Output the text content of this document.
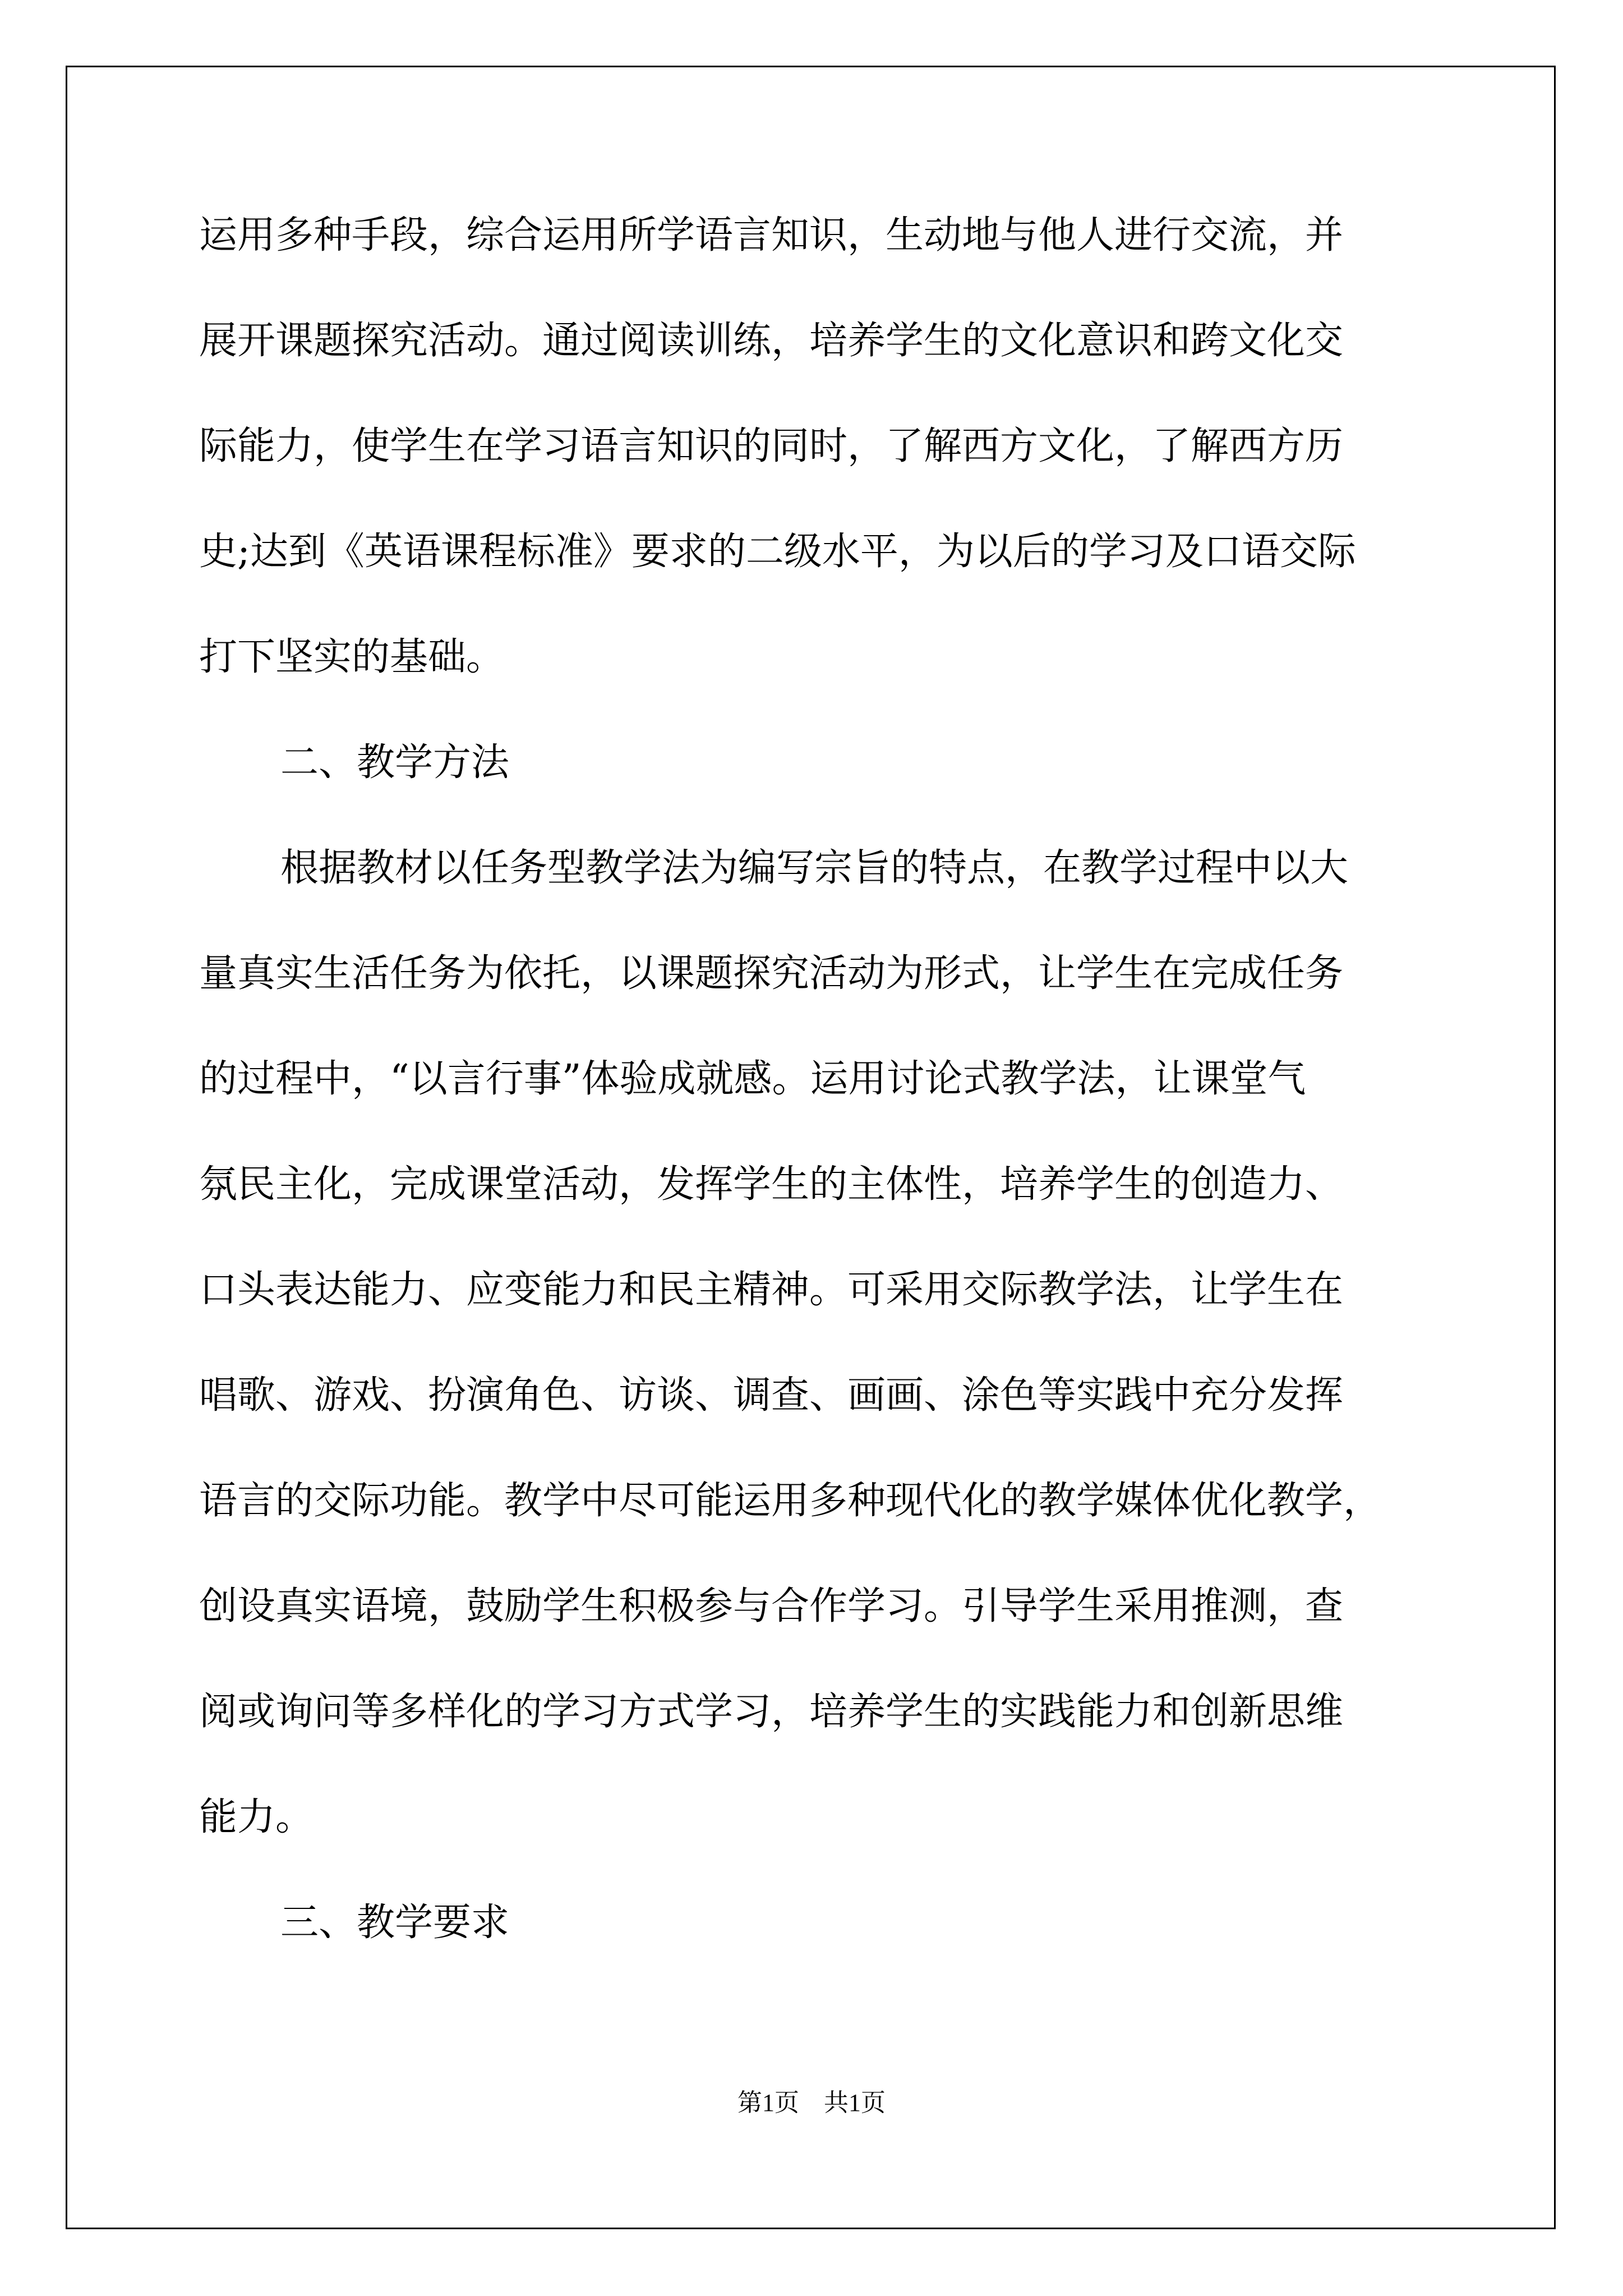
运用多种手段，综合运用所学语言知识，生动地与他人进行交流，并
展开课题探究活动。通过阅读训练，培养学生的文化意识和跨文化交
际能力，使学生在学习语言知识的同时，了解西方文化，了解西方历
史;达到《英语课程标准》要求的二级水平，为以后的学习及口语交际
打下坚实的基础。
二、教学方法
根据教材以任务型教学法为编写宗旨的特点，在教学过程中以大
量真实生活任务为依托，以课题探究活动为形式，让学生在完成任务
的过程中，“以言行事”体验成就感。运用讨论式教学法，让课堂气
氛民主化，完成课堂活动，发挥学生的主体性，培养学生的创造力、
口头表达能力、应变能力和民主精神。可采用交际教学法，让学生在
唱歌、游戏、扮演角色、访谈、调查、画画、涂色等实践中充分发挥
语言的交际功能。教学中尽可能运用多种现代化的教学媒体优化教学，
创设真实语境，鼓励学生积极参与合作学习。引导学生采用推测，查
阅或询问等多样化的学习方式学习，培养学生的实践能力和创新思维
能力。
三、教学要求
第1页　共1页
